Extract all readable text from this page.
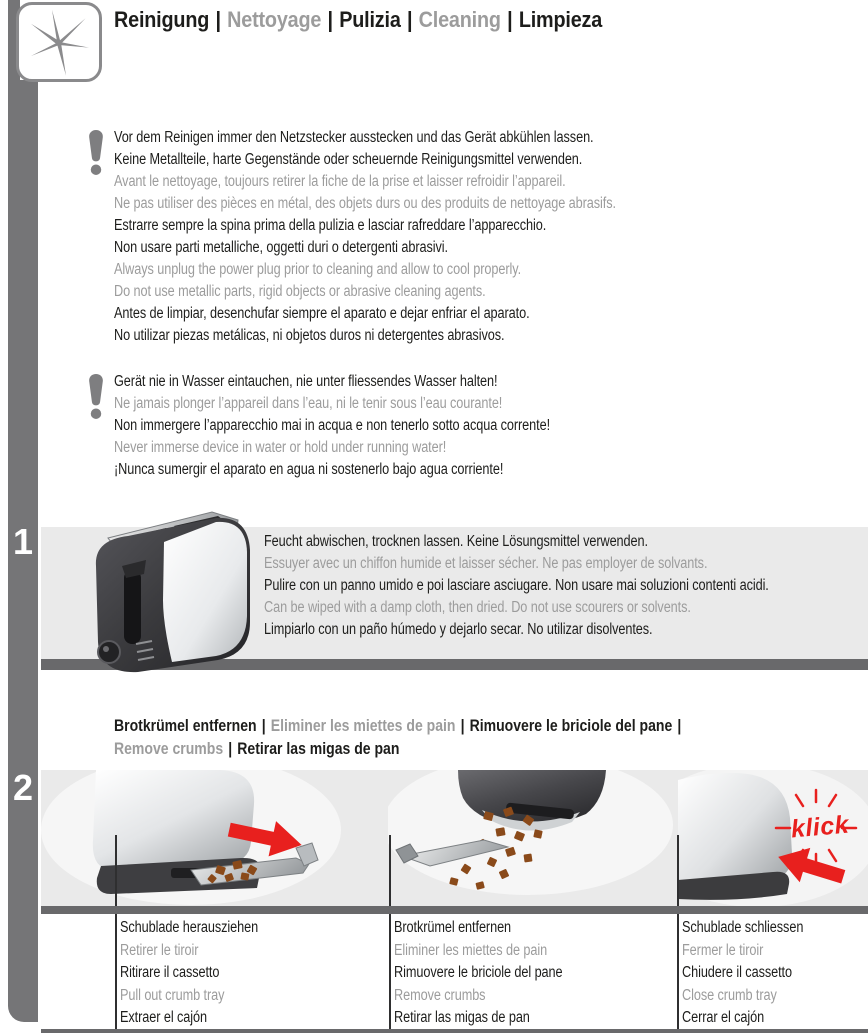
Reinigung | Nettoyage | Pulizia | Cleaning | Limpieza
Vor dem Reinigen immer den Netzstecker ausstecken und das Gerät abkühlen lassen.
Keine Metallteile, harte Gegenstände oder scheuernde Reinigungsmittel verwenden.
Avant le nettoyage, toujours retirer la fiche de la prise et laisser refroidir l’appareil.
Ne pas utiliser des pièces en métal, des objets durs ou des produits de nettoyage abrasifs.
Estrarre sempre la spina prima della pulizia e lasciar rafreddare l’apparecchio.
Non usare parti metalliche, oggetti duri o detergenti abrasivi.
Always unplug the power plug prior to cleaning and allow to cool properly.
Do not use metallic parts, rigid objects or abrasive cleaning agents.
Antes de limpiar, desenchufar siempre el aparato e dejar enfriar el aparato.
No utilizar piezas metálicas, ni objetos duros ni detergentes abrasivos.
Gerät nie in Wasser eintauchen, nie unter fliessendes Wasser halten!
Ne jamais plonger l’appareil dans l’eau, ni le tenir sous l’eau courante!
Non immergere l’apparecchio mai in acqua e non tenerlo sotto acqua corrente!
Never immerse device in water or hold under running water!
¡Nunca sumergir el aparato en agua ni sostenerlo bajo agua corriente!
1	Feucht abwischen, trocknen lassen. Keine Lösungsmittel verwenden.
Essuyer avec un chiffon humide et laisser sécher. Ne pas employer de solvants.
Pulire con un panno umido e poi lasciare asciugare. Non usare mai soluzioni contenti acidi.
Can be wiped with a damp cloth, then dried. Do not use scourers or solvents.
Limpiarlo con un paño húmedo y dejarlo secar. No utilizar disolventes.
Brotkrümel entfernen | Eliminer les miettes de pain | Rimuovere le briciole del pane |
Remove crumbs | Retirar las migas de pan
2
klick
Schublade herausziehen
Retirer le tiroir
Ritirare il cassetto
Pull out crumb tray
Extraer el cajón
Brotkrümel entfernen
Eliminer les miettes de pain
Rimuovere le briciole del pane
Remove crumbs
Retirar las migas de pan
Schublade schliessen
Fermer le tiroir
Chiudere il cassetto
Close crumb tray
Cerrar el cajón
